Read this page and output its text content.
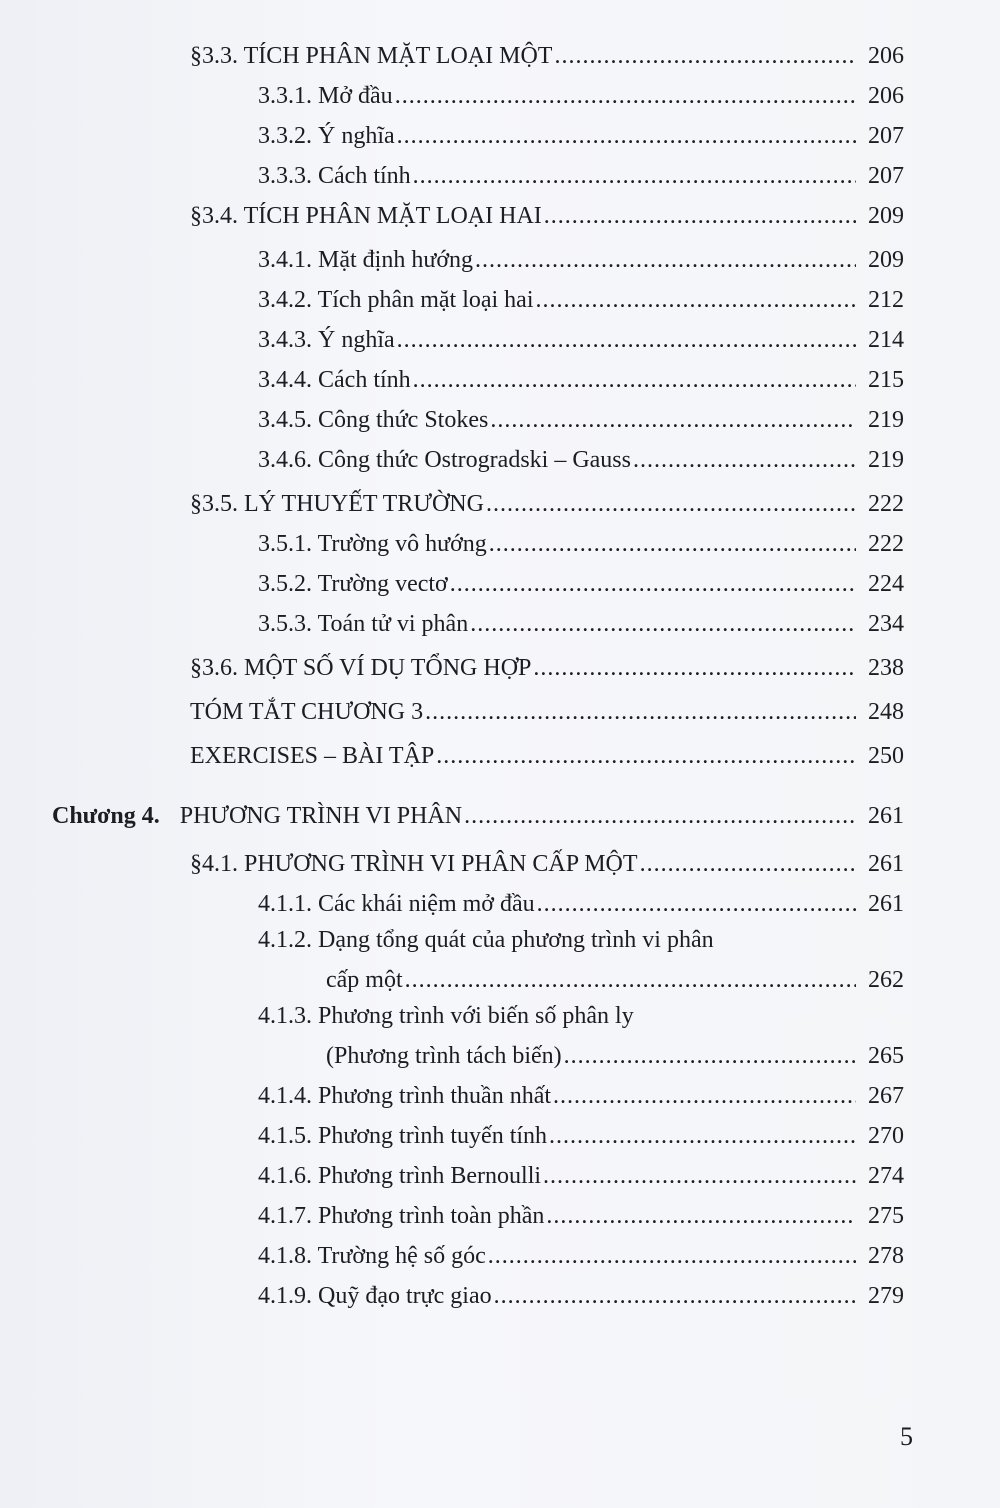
§3.3. TÍCH PHÂN MẶT LOẠI MỘT .....	206
3.3.1. Mở đầu .....	206
3.3.2. Ý nghĩa .....	207
3.3.3. Cách tính .....	207
§3.4. TÍCH PHÂN MẶT LOẠI HAI .....	209
3.4.1. Mặt định hướng .....	209
3.4.2. Tích phân mặt loại hai .....	212
3.4.3. Ý nghĩa .....	214
3.4.4. Cách tính .....	215
3.4.5. Công thức Stokes .....	219
3.4.6. Công thức Ostrogradski – Gauss .....	219
§3.5. LÝ THUYẾT TRƯỜNG .....	222
3.5.1. Trường vô hướng .....	222
3.5.2. Trường vectơ .....	224
3.5.3. Toán tử vi phân .....	234
§3.6. MỘT SỐ VÍ DỤ TỔNG HỢP .....	238
TÓM TẮT CHƯƠNG 3 .....	248
EXERCISES – BÀI TẬP .....	250
Chương 4. PHƯƠNG TRÌNH VI PHÂN .....	261
§4.1. PHƯƠNG TRÌNH VI PHÂN CẤP MỘT .....	261
4.1.1. Các khái niệm mở đầu .....	261
4.1.2. Dạng tổng quát của phương trình vi phân
cấp một .....	262
4.1.3. Phương trình với biến số phân ly
(Phương trình tách biến) .....	265
4.1.4. Phương trình thuần nhất .....	267
4.1.5. Phương trình tuyến tính .....	270
4.1.6. Phương trình Bernoulli .....	274
4.1.7. Phương trình toàn phần .....	275
4.1.8. Trường hệ số góc .....	278
4.1.9. Quỹ đạo trực giao .....	279
5
